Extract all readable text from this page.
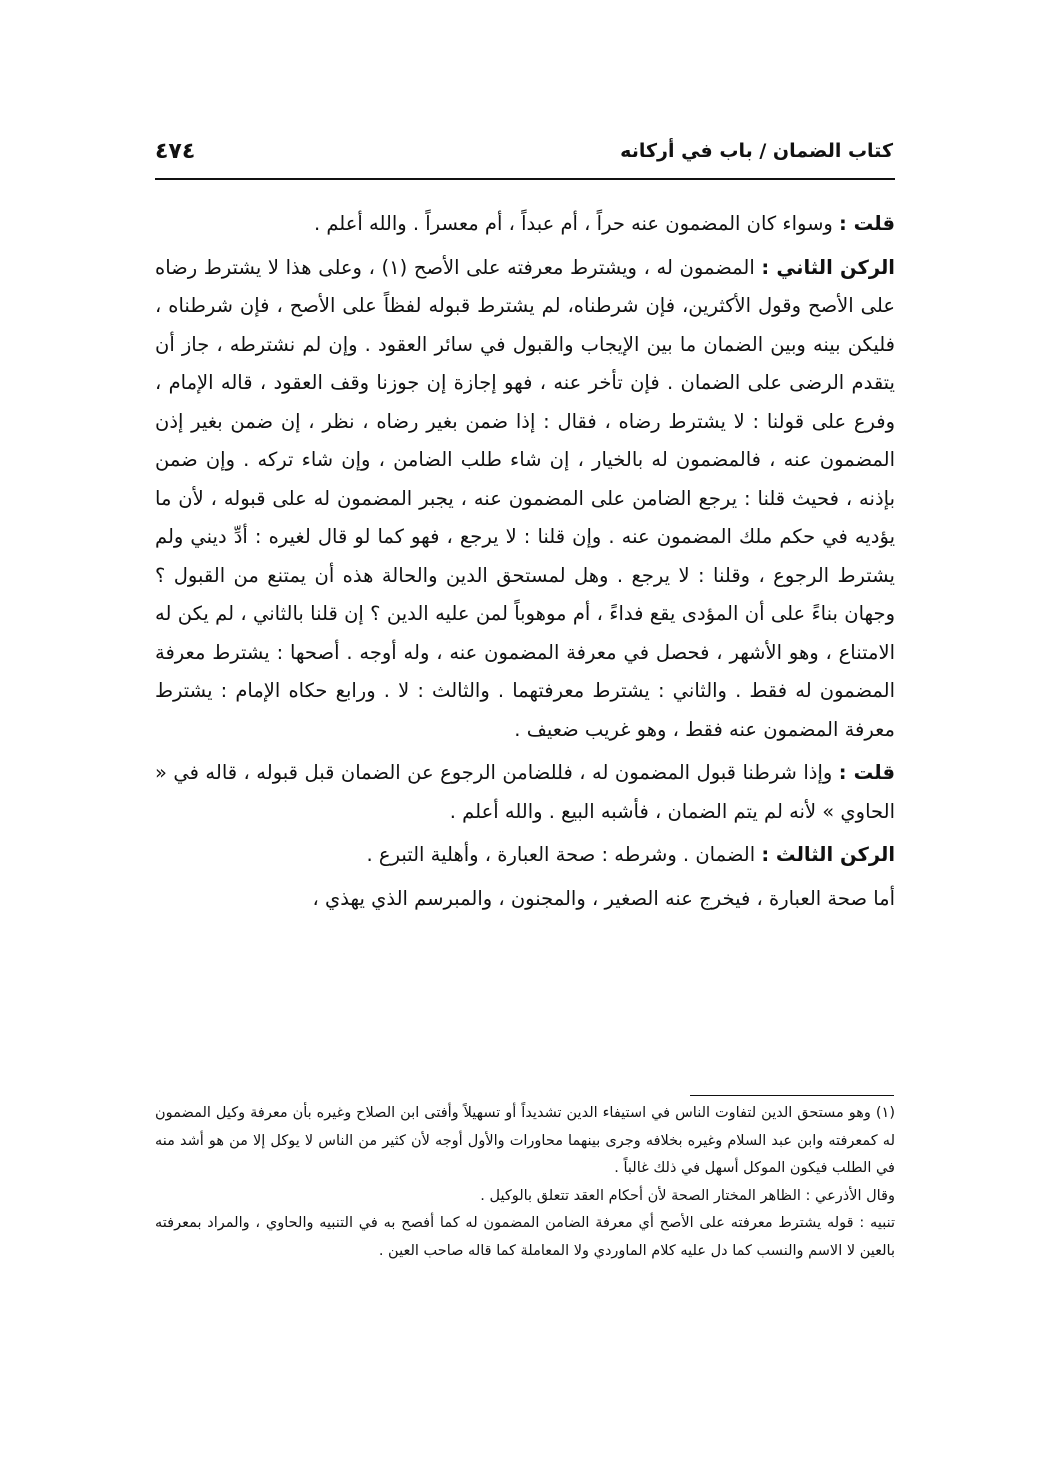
كتاب الضمان / باب في أركانه
٤٧٤

قلت : وسواء كان المضمون عنه حراً ، أم عبداً ، أم معسراً . والله أعلم .

الركن الثاني : المضمون له ، ويشترط معرفته على الأصح (١) ، وعلى هذا لا يشترط رضاه على الأصح وقول الأكثرين، فإن شرطناه، لم يشترط قبوله لفظاً على الأصح ، فإن شرطناه ، فليكن بينه وبين الضمان ما بين الإيجاب والقبول في سائر العقود . وإن لم نشترطه ، جاز أن يتقدم الرضى على الضمان . فإن تأخر عنه ، فهو إجازة إن جوزنا وقف العقود ، قاله الإمام ، وفرع على قولنا : لا يشترط رضاه ، فقال : إذا ضمن بغير رضاه ، نظر ، إن ضمن بغير إذن المضمون عنه ، فالمضمون له بالخيار ، إن شاء طلب الضامن ، وإن شاء تركه . وإن ضمن بإذنه ، فحيث قلنا : يرجع الضامن على المضمون عنه ، يجبر المضمون له على قبوله ، لأن ما يؤديه في حكم ملك المضمون عنه . وإن قلنا : لا يرجع ، فهو كما لو قال لغيره : أدِّ ديني ولم يشترط الرجوع ، وقلنا : لا يرجع . وهل لمستحق الدين والحالة هذه أن يمتنع من القبول ؟ وجهان بناءً على أن المؤدى يقع فداءً ، أم موهوباً لمن عليه الدين ؟ إن قلنا بالثاني ، لم يكن له الامتناع ، وهو الأشهر ، فحصل في معرفة المضمون عنه ، وله أوجه . أصحها : يشترط معرفة المضمون له فقط . والثاني : يشترط معرفتهما . والثالث : لا . ورابع حكاه الإمام : يشترط معرفة المضمون عنه فقط ، وهو غريب ضعيف .

قلت : وإذا شرطنا قبول المضمون له ، فللضامن الرجوع عن الضمان قبل قبوله ، قاله في « الحاوي » لأنه لم يتم الضمان ، فأشبه البيع . والله أعلم .

الركن الثالث : الضمان . وشرطه : صحة العبارة ، وأهلية التبرع .

أما صحة العبارة ، فيخرج عنه الصغير ، والمجنون ، والمبرسم الذي يهذي ،

(١) وهو مستحق الدين لتفاوت الناس في استيفاء الدين تشديداً أو تسهيلاً وأفتى ابن الصلاح وغيره بأن معرفة وكيل المضمون له كمعرفته وابن عبد السلام وغيره بخلافه وجرى بينهما محاورات والأول أوجه لأن كثير من الناس لا يوكل إلا من هو أشد منه في الطلب فيكون الموكل أسهل في ذلك غالباً .

وقال الأذرعي : الظاهر المختار الصحة لأن أحكام العقد تتعلق بالوكيل .

تنبيه : قوله يشترط معرفته على الأصح أي معرفة الضامن المضمون له كما أفصح به في التنبيه والحاوي ، والمراد بمعرفته بالعين لا الاسم والنسب كما دل عليه كلام الماوردي ولا المعاملة كما قاله صاحب العين .
